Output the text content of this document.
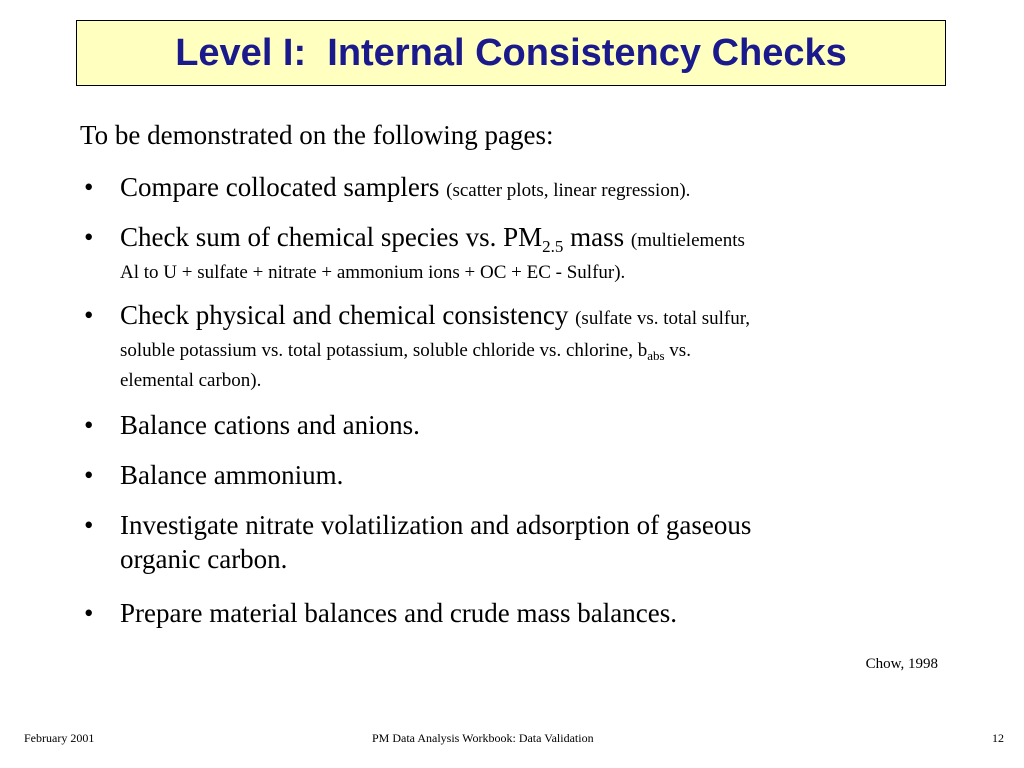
Level I:  Internal Consistency Checks
To be demonstrated on the following pages:
• Compare collocated samplers (scatter plots, linear regression).
• Check sum of chemical species vs. $PM_{2.5}$ mass (multielements
Al to U + sulfate + nitrate + ammonium ions + OC + EC - Sulfur).
• Check physical and chemical consistency (sulfate vs. total sulfur,
soluble potassium vs. total potassium, soluble chloride vs. chlorine, $b_{abs}$ vs.
elemental carbon).
• Balance cations and anions.
• Balance ammonium.
• Investigate nitrate volatilization and adsorption of gaseous
organic carbon.
• Prepare material balances and crude mass balances.
Chow, 1998
February 2001	PM Data Analysis Workbook: Data Validation	12
